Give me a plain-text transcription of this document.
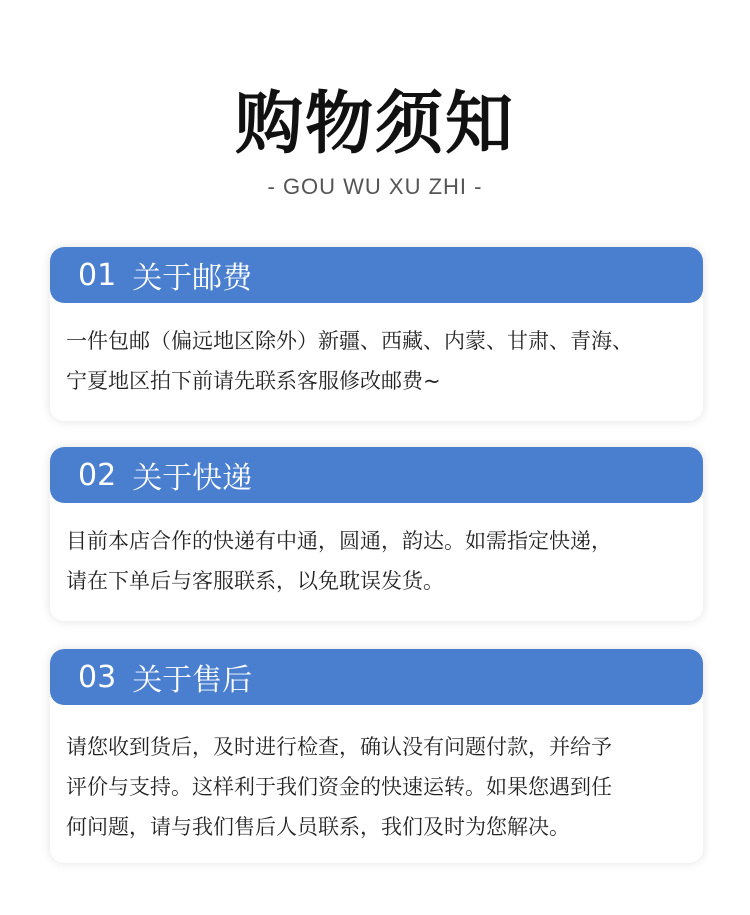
购物须知
- GOU WU XU ZHI -
01 关于邮费

一件包邮（偏远地区除外）新疆、西藏、内蒙、甘肃、青海、

宁夏地区拍下前请先联系客服修改邮费~

02 关于快递

目前本店合作的快递有中通，圆通，韵达。如需指定快递，

请在下单后与客服联系，以免耽误发货。

03 关于售后

请您收到货后，及时进行检查，确认没有问题付款，并给予

评价与支持。这样利于我们资金的快速运转。如果您遇到任

何问题，请与我们售后人员联系，我们及时为您解决。
